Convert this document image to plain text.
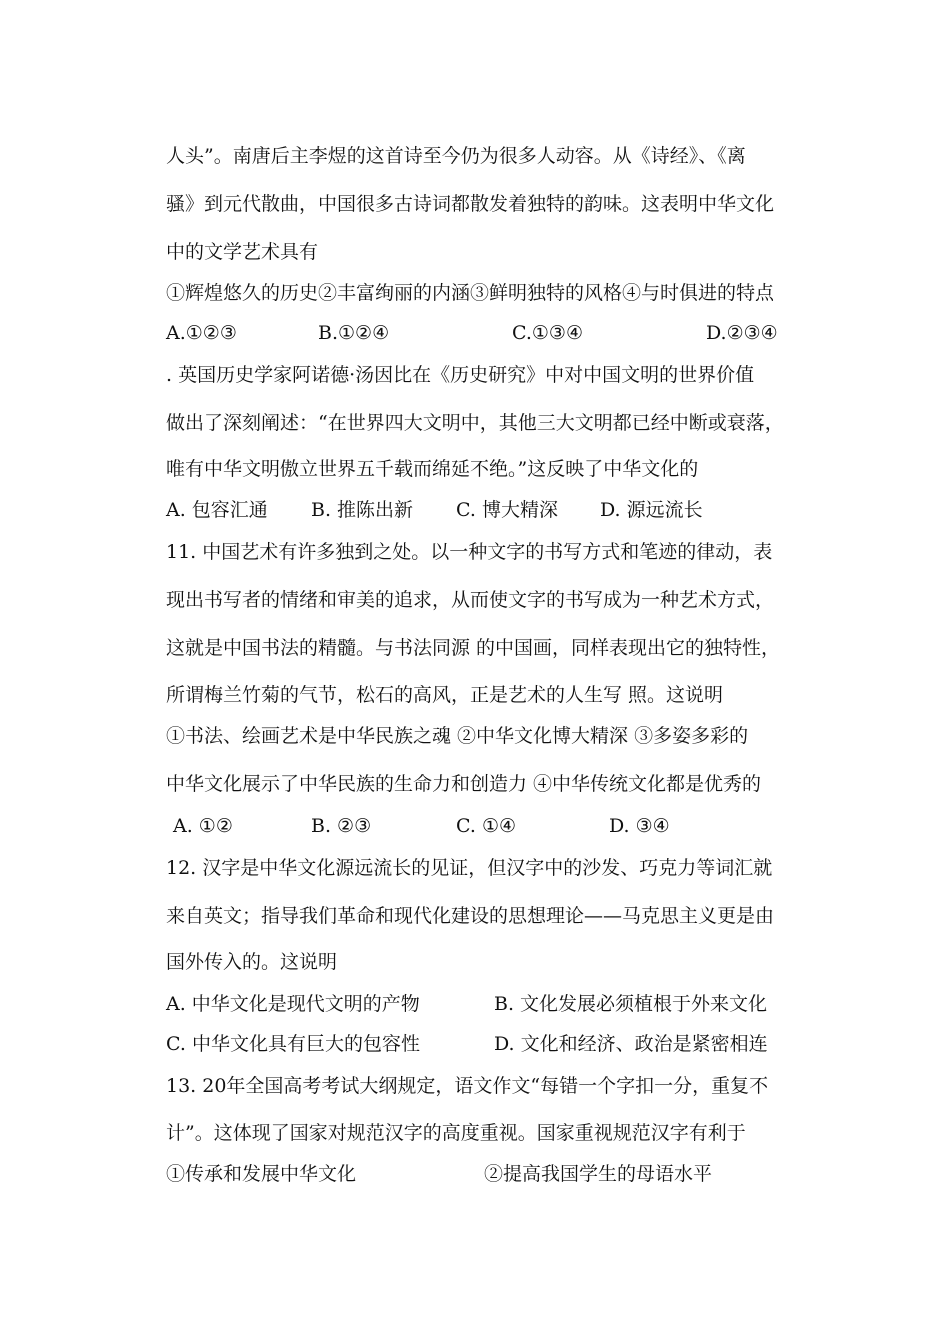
人头”。南唐后主李煜的这首诗至今仍为很多人动容。从《诗经》、《离
骚》到元代散曲，中国很多古诗词都散发着独特的韵味。这表明中华文化
中的文学艺术具有
①辉煌悠久的历史②丰富绚丽的内涵③鲜明独特的风格④与时俱进的特点
A.①②③	B.①②④	C.①③④	D.②③④
. 英国历史学家阿诺德·汤因比在《历史研究》中对中国文明的世界价值
做出了深刻阐述：“在世界四大文明中，其他三大文明都已经中断或衰落，
唯有中华文明傲立世界五千载而绵延不绝。”这反映了中华文化的
A. 包容汇通 B. 推陈出新 C. 博大精深 D. 源远流长
11. 中国艺术有许多独到之处。以一种文字的书写方式和笔迹的律动，表
现出书写者的情绪和审美的追求，从而使文字的书写成为一种艺术方式，
这就是中国书法的精髓。与书法同源 的中国画，同样表现出它的独特性，
所谓梅兰竹菊的气节，松石的高风，正是艺术的人生写 照。这说明
①书法、绘画艺术是中华民族之魂 ②中华文化博大精深 ③多姿多彩的
中华文化展示了中华民族的生命力和创造力 ④中华传统文化都是优秀的
A. ①②	B. ②③	C. ①④	D. ③④
12. 汉字是中华文化源远流长的见证，但汉字中的沙发、巧克力等词汇就
来自英文；指导我们革命和现代化建设的思想理论——马克思主义更是由
国外传入的。这说明
A. 中华文化是现代文明的产物	B. 文化发展必须植根于外来文化
C. 中华文化具有巨大的包容性	D. 文化和经济、政治是紧密相连
13. 20年全国高考考试大纲规定，语文作文“每错一个字扣一分，重复不
计”。这体现了国家对规范汉字的高度重视。国家重视规范汉字有利于
①传承和发展中华文化	②提高我国学生的母语水平
